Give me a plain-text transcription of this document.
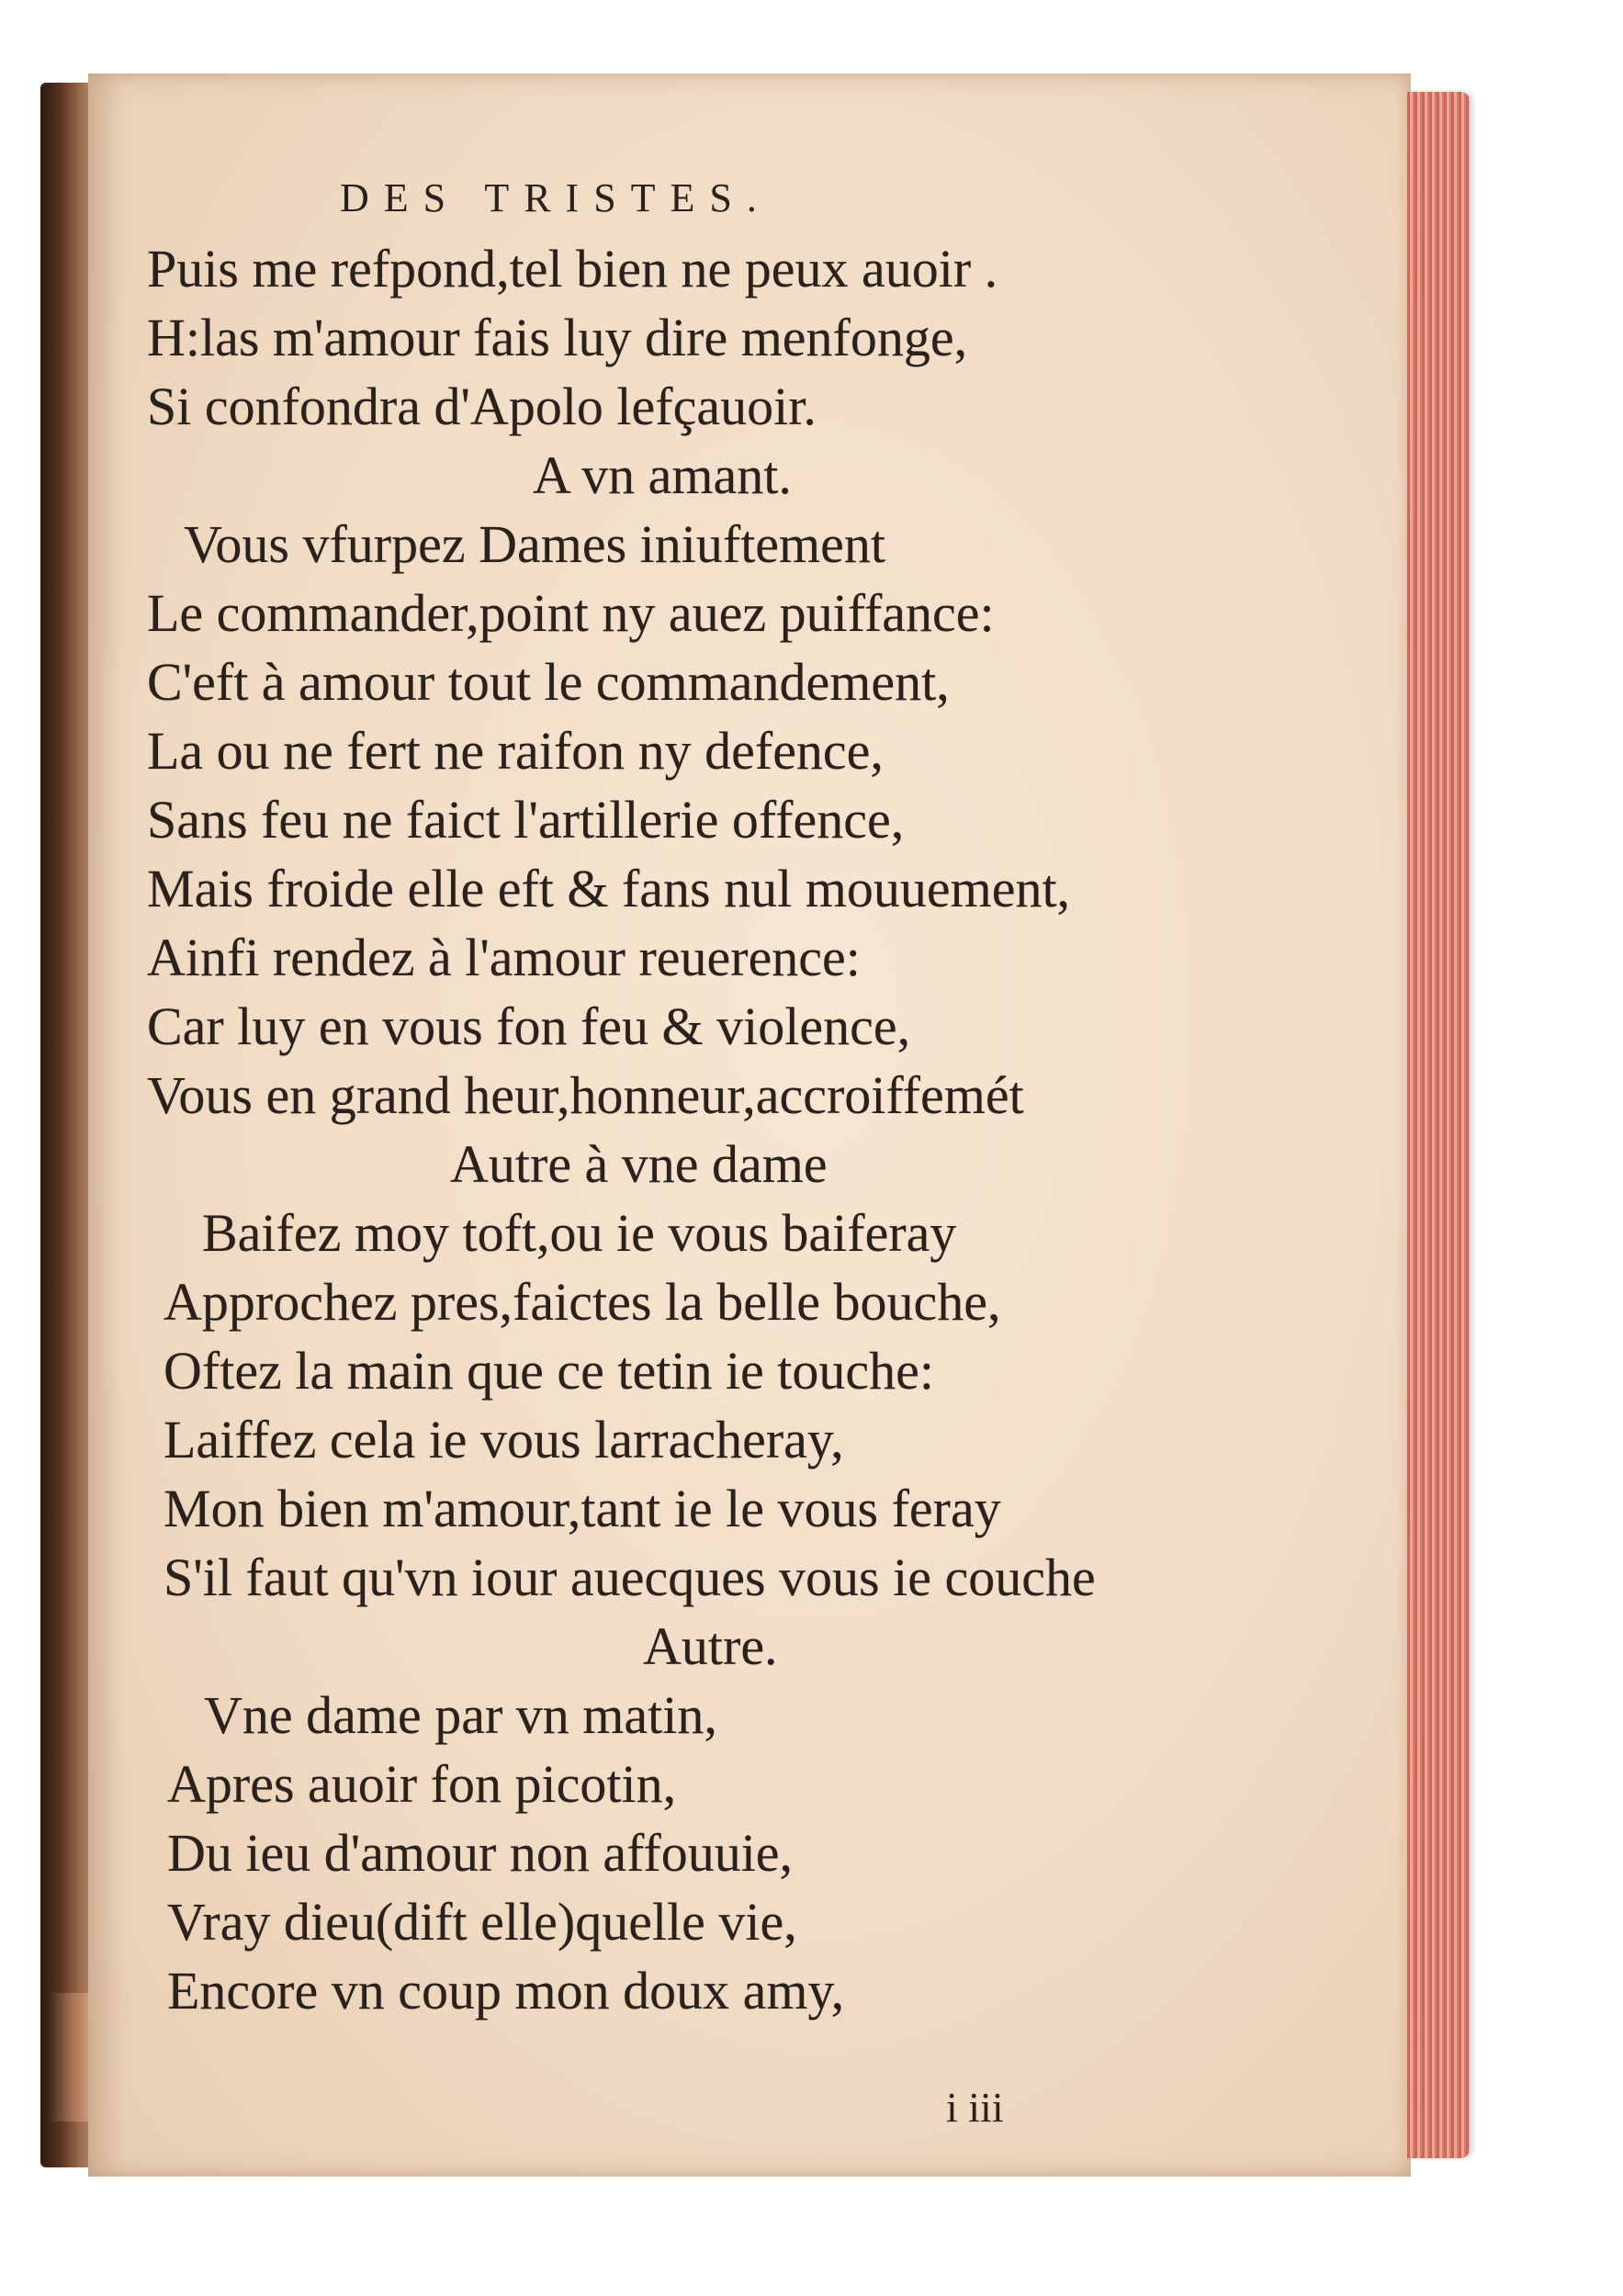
DES TRISTES.
Puis me refpond,tel bien ne peux auoir .
H:las m'amour fais luy dire menfonge,
Si confondra d'Apolo lefçauoir.
A vn amant.
Vous vfurpez Dames iniuftement
Le commander,point ny auez puiffance:
C'eft à amour tout le commandement,
La ou ne fert ne raifon ny defence,
Sans feu ne faict l'artillerie offence,
Mais froide elle eft & fans nul mouuement,
Ainfi rendez à l'amour reuerence:
Car luy en vous fon feu & violence,
Vous en grand heur,honneur,accroiffemét
Autre à vne dame
Baifez moy toft,ou ie vous baiferay
Approchez pres,faictes la belle bouche,
Oftez la main que ce tetin ie touche:
Laiffez cela ie vous larracheray,
Mon bien m'amour,tant ie le vous feray
S'il faut qu'vn iour auecques vous ie couche
Autre.
Vne dame par vn matin,
Apres auoir fon picotin,
Du ieu d'amour non affouuie,
Vray dieu(dift elle)quelle vie,
Encore vn coup mon doux amy,
i iii
